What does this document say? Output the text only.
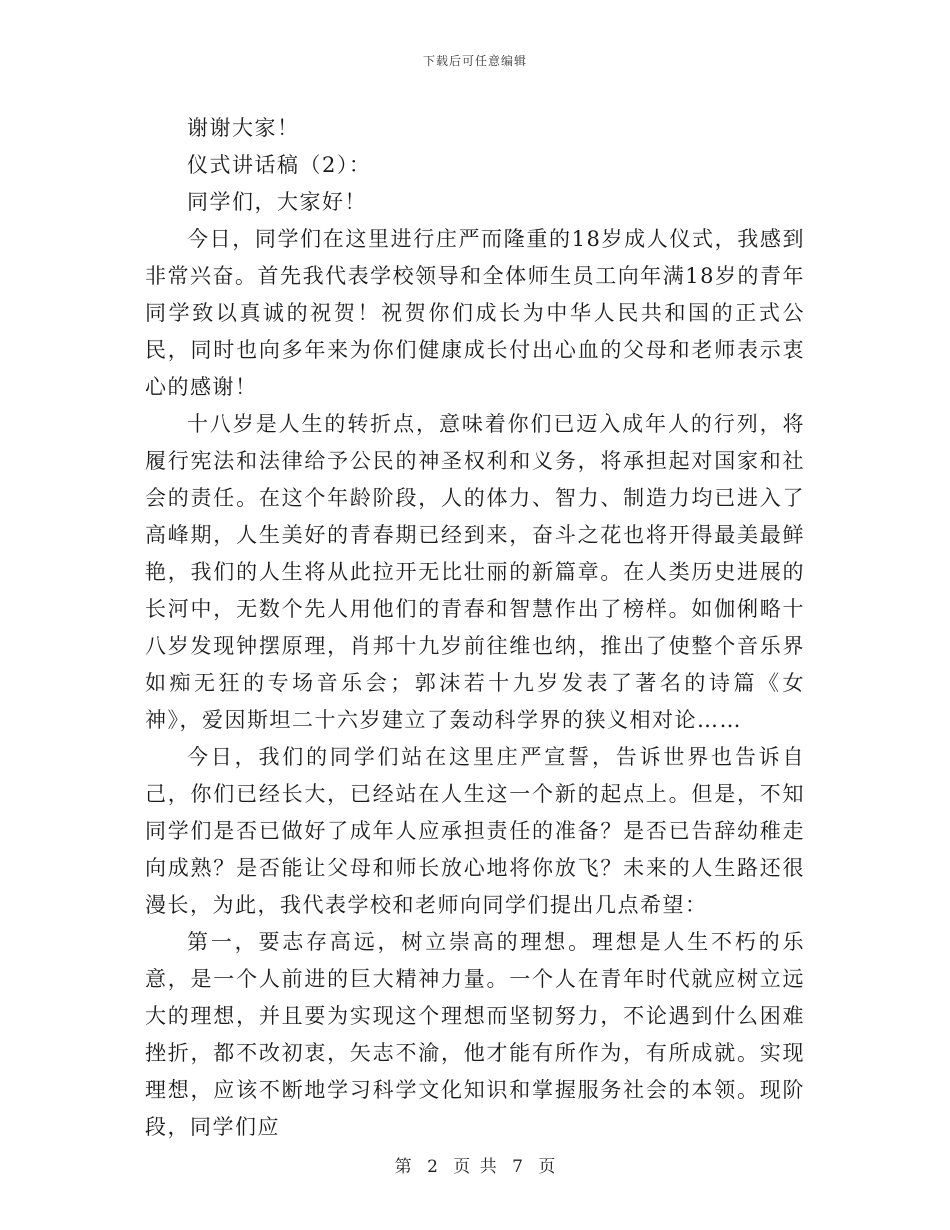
下载后可任意编辑

谢谢大家！

仪式讲话稿（2）：

同学们，大家好！

今日，同学们在这里进行庄严而隆重的18岁成人仪式，我感到非常兴奋。首先我代表学校领导和全体师生员工向年满18岁的青年同学致以真诚的祝贺！祝贺你们成长为中华人民共和国的正式公民，同时也向多年来为你们健康成长付出心血的父母和老师表示衷心的感谢！

十八岁是人生的转折点，意味着你们已迈入成年人的行列，将履行宪法和法律给予公民的神圣权利和义务，将承担起对国家和社会的责任。在这个年龄阶段，人的体力、智力、制造力均已进入了高峰期，人生美好的青春期已经到来，奋斗之花也将开得最美最鲜艳，我们的人生将从此拉开无比壮丽的新篇章。在人类历史进展的长河中，无数个先人用他们的青春和智慧作出了榜样。如伽俐略十八岁发现钟摆原理，肖邦十九岁前往维也纳，推出了使整个音乐界如痴无狂的专场音乐会；郭沫若十九岁发表了著名的诗篇《女神》，爱因斯坦二十六岁建立了轰动科学界的狭义相对论……

今日，我们的同学们站在这里庄严宣誓，告诉世界也告诉自己，你们已经长大，已经站在人生这一个新的起点上。但是，不知同学们是否已做好了成年人应承担责任的准备？是否已告辞幼稚走向成熟？是否能让父母和师长放心地将你放飞？未来的人生路还很漫长，为此，我代表学校和老师向同学们提出几点希望：

第一，要志存高远，树立崇高的理想。理想是人生不朽的乐意，是一个人前进的巨大精神力量。一个人在青年时代就应树立远大的理想，并且要为实现这个理想而坚韧努力，不论遇到什么困难挫折，都不改初衷，矢志不渝，他才能有所作为，有所成就。实现理想，应该不断地学习科学文化知识和掌握服务社会的本领。现阶段，同学们应

第 2 页 共 7 页
